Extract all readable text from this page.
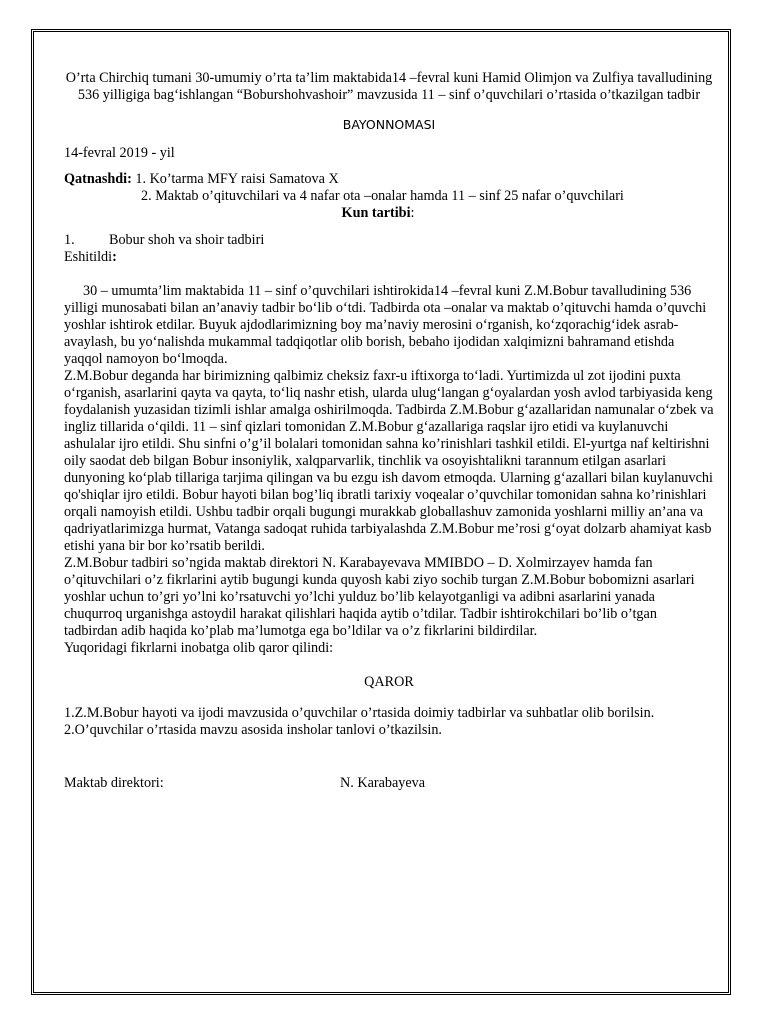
O’rta Chirchiq tumani 30-umumiy o’rta ta’lim maktabida14 –fevral kuni Hamid Olimjon va Zulfiya tavalludining 536 yilligiga bag‘ishlangan “Boburshohvashoir” mavzusida 11 – sinf o’quvchilari o’rtasida o’tkazilgan tadbir

BAYONNOMASI
14-fevral 2019 - yil
Qatnashdi: 1. Ko’tarma MFY raisi Samatova X
2. Maktab o’qituvchilari va 4 nafar ota –onalar hamda 11 – sinf 25 nafar o’quvchilari
Kun tartibi:
1.	Bobur shoh va shoir tadbiri
Eshitildi:

30 – umumta’lim maktabida 11 – sinf o’quvchilari ishtirokida14 –fevral kuni Z.M.Bobur tavalludining 536 yilligi munosabati bilan an’anaviy tadbir bo‘lib o‘tdi. Tadbirda ota –onalar va maktab o’qituvchi hamda o’quvchi yoshlar ishtirok etdilar. Buyuk ajdodlarimizning boy ma’naviy merosini o‘rganish, ko‘zqorachig‘idek asrab-avaylash, bu yo‘nalishda mukammal tadqiqotlar olib borish, bebaho ijodidan xalqimizni bahramand etishda yaqqol namoyon bo‘lmoqda.

Z.M.Bobur deganda har birimizning qalbimiz cheksiz faxr-u iftixorga to‘ladi. Yurtimizda ul zot ijodini puxta o‘rganish, asarlarini qayta va qayta, to‘liq nashr etish, ularda ulug‘langan g‘oyalardan yosh avlod tarbiyasida keng foydalanish yuzasidan tizimli ishlar amalga oshirilmoqda. Tadbirda Z.M.Bobur g‘azallaridan namunalar o‘zbek va ingliz tillarida o‘qildi. 11 – sinf qizlari tomonidan Z.M.Bobur g‘azallariga raqslar ijro etidi va kuylanuvchi ashulalar ijro etildi. Shu sinfni o’g’il bolalari tomonidan sahna ko’rinishlari tashkil etildi. El-yurtga naf keltirishni oily saodat deb bilgan Bobur insoniylik, xalqparvarlik, tinchlik va osoyishtalikni tarannum etilgan asarlari dunyoning ko‘plab tillariga tarjima qilingan va bu ezgu ish davom etmoqda. Ularning g‘azallari bilan kuylanuvchi qo'shiqlar ijro etildi. Bobur hayoti bilan bog’liq ibratli tarixiy voqealar o’quvchilar tomonidan sahna ko’rinishlari orqali namoyish etildi. Ushbu tadbir orqali bugungi murakkab globallashuv zamonida yoshlarni milliy an’ana va qadriyatlarimizga hurmat, Vatanga sadoqat ruhida tarbiyalashda Z.M.Bobur me’rosi g‘oyat dolzarb ahamiyat kasb etishi yana bir bor ko’rsatib berildi.

Z.M.Bobur tadbiri so’ngida maktab direktori N. Karabayevava MMIBDO – D. Xolmirzayev hamda fan o’qituvchilari o’z fikrlarini aytib bugungi kunda quyosh kabi ziyo sochib turgan Z.M.Bobur bobomizni asarlari yoshlar uchun to’gri yo’lni ko’rsatuvchi yo’lchi yulduz bo’lib kelayotganligi va adibni asarlarini yanada chuqurroq urganishga astoydil harakat qilishlari haqida aytib o’tdilar. Tadbir ishtirokchilari bo’lib o’tgan tadbirdan adib haqida ko’plab ma’lumotga ega bo’ldilar va o’z fikrlarini bildirdilar.

Yuqoridagi fikrlarni inobatga olib qaror qilindi:

QAROR
1.Z.M.Bobur hayoti va ijodi mavzusida o’quvchilar o’rtasida doimiy tadbirlar va suhbatlar olib borilsin.
2.O’quvchilar o’rtasida mavzu asosida insholar tanlovi o’tkazilsin.
Maktab direktori:	N. Karabayeva
